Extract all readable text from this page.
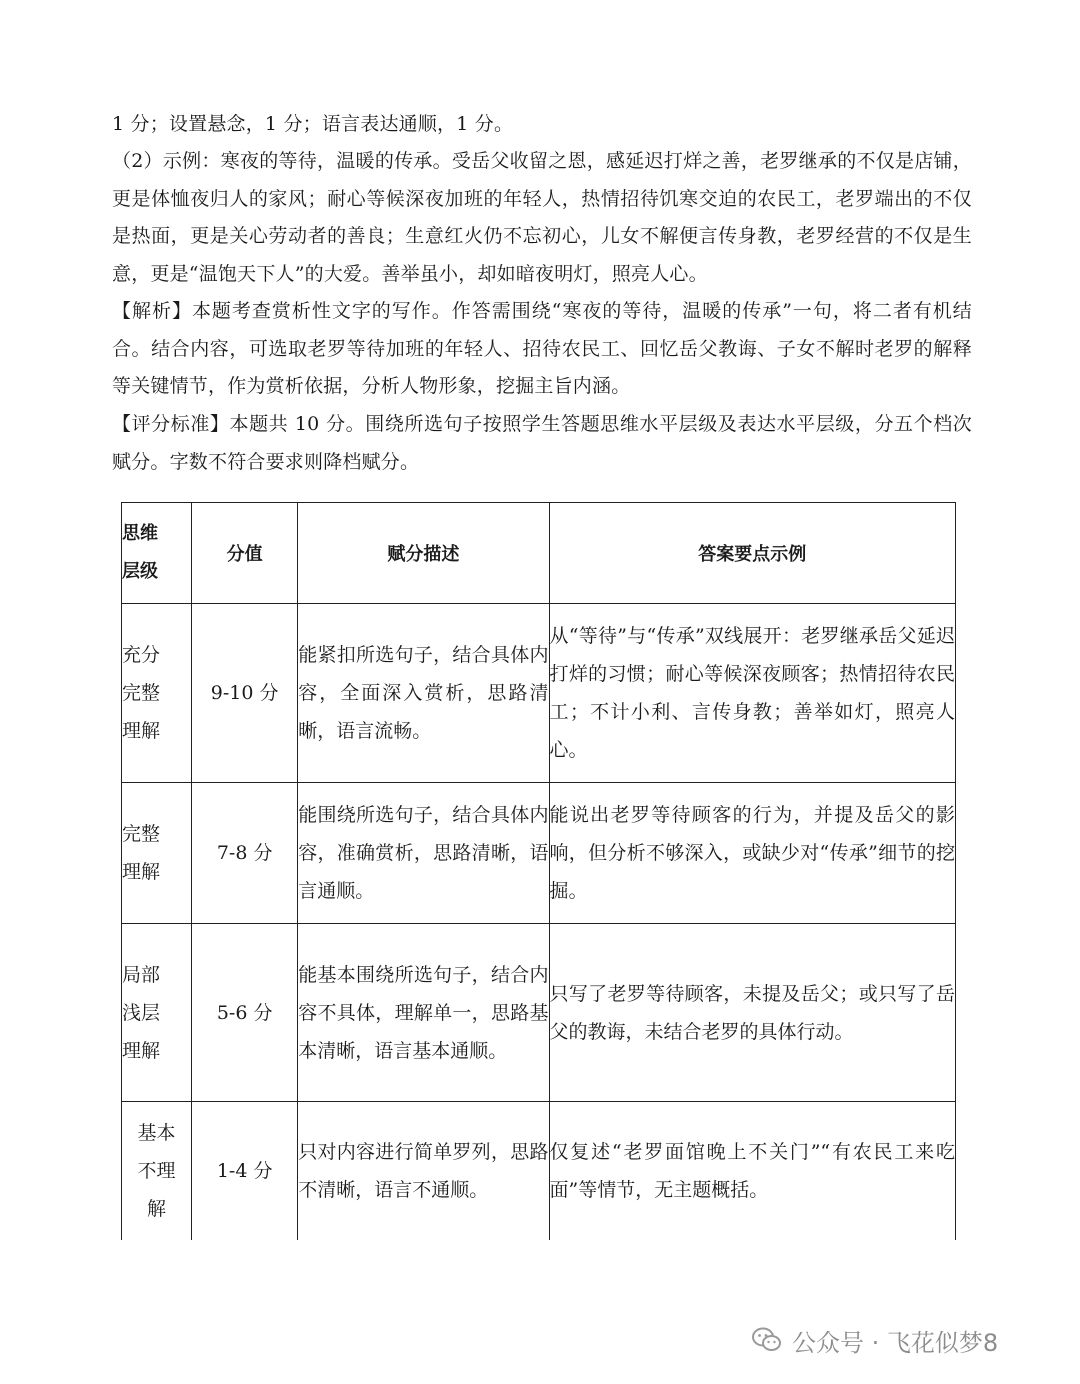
1 分；设置悬念，1 分；语言表达通顺，1 分。

（2）示例：寒夜的等待，温暖的传承。受岳父收留之恩，感延迟打烊之善，老罗继承的不仅是店铺，更是体恤夜归人的家风；耐心等候深夜加班的年轻人，热情招待饥寒交迫的农民工，老罗端出的不仅是热面，更是关心劳动者的善良；生意红火仍不忘初心，儿女不解便言传身教，老罗经营的不仅是生意，更是“温饱天下人”的大爱。善举虽小，却如暗夜明灯，照亮人心。

【解析】本题考查赏析性文字的写作。作答需围绕“寒夜的等待，温暖的传承”一句，将二者有机结合。结合内容，可选取老罗等待加班的年轻人、招待农民工、回忆岳父教诲、子女不解时老罗的解释等关键情节，作为赏析依据，分析人物形象，挖掘主旨内涵。

【评分标准】本题共 10 分。围绕所选句子按照学生答题思维水平层级及表达水平层级，分五个档次赋分。字数不符合要求则降档赋分。

思维
层级	分值	赋分描述	答案要点示例
充分
完整
理解	9-10 分	能紧扣所选句子，结合具体内容，全面深入赏析，思路清晰，语言流畅。	从“等待”与“传承”双线展开：老罗继承岳父延迟打烊的习惯；耐心等候深夜顾客；热情招待农民工；不计小利、言传身教；善举如灯，照亮人心。
完整
理解	7-8 分	能围绕所选句子，结合具体内容，准确赏析，思路清晰，语言通顺。	能说出老罗等待顾客的行为，并提及岳父的影响，但分析不够深入，或缺少对“传承”细节的挖掘。
局部
浅层
理解	5-6 分	能基本围绕所选句子，结合内容不具体，理解单一，思路基本清晰，语言基本通顺。	只写了老罗等待顾客，未提及岳父；或只写了岳父的教诲，未结合老罗的具体行动。
基本
不理
解	1-4 分	只对内容进行简单罗列，思路不清晰，语言不通顺。	仅复述“老罗面馆晚上不关门”“有农民工来吃面”等情节，无主题概括。
公众号 · 飞花似梦8
